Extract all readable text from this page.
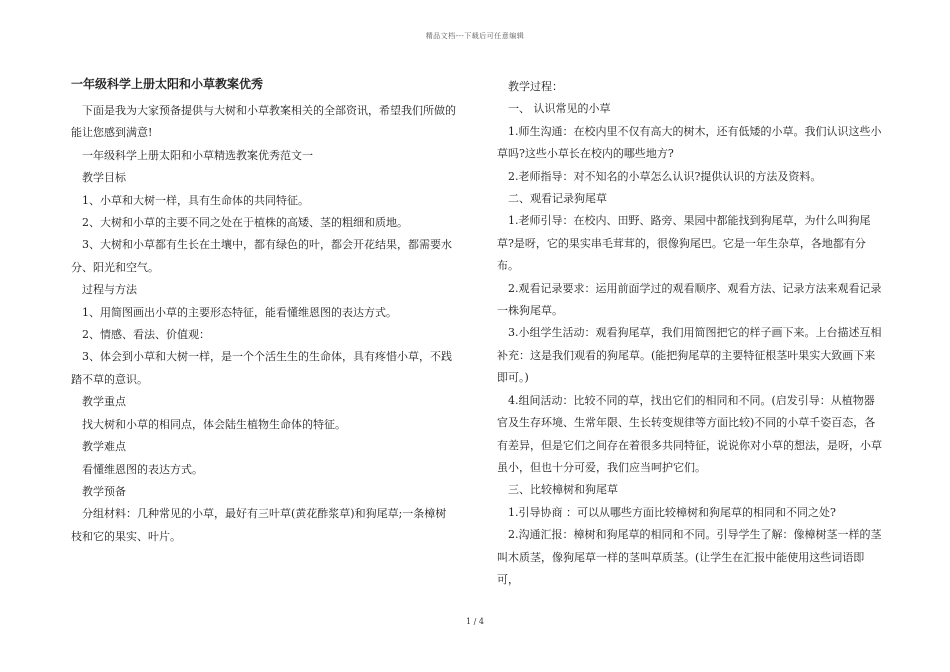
精品文档---下载后可任意编辑
一年级科学上册太阳和小草教案优秀

下面是我为大家预备提供与大树和小草教案相关的全部资讯，希望我们所做的能让您感到满意!

一年级科学上册太阳和小草精选教案优秀范文一

教学目标

1、小草和大树一样，具有生命体的共同特征。

2、大树和小草的主要不同之处在于植株的高矮、茎的粗细和质地。

3、大树和小草都有生长在土壤中，都有绿色的叶，都会开花结果，都需要水分、阳光和空气。

过程与方法

1、用简图画出小草的主要形态特征，能看懂维恩图的表达方式。

2、情感、看法、价值观：

3、体会到小草和大树一样，是一个个活生生的生命体，具有疼惜小草，不践踏不草的意识。

教学重点

找大树和小草的相同点，体会陆生植物生命体的特征。

教学难点

看懂维恩图的表达方式。

教学预备

分组材料：几种常见的小草，最好有三叶草(黄花酢浆草)和狗尾草;一条樟树枝和它的果实、叶片。

教学过程：

一、 认识常见的小草

1.师生沟通：在校内里不仅有高大的树木，还有低矮的小草。我们认识这些小草吗?这些小草长在校内的哪些地方?

2.老师指导：对不知名的小草怎么认识?提供认识的方法及资料。

二、观看记录狗尾草

1.老师引导：在校内、田野、路旁、果园中都能找到狗尾草，为什么叫狗尾草?是呀，它的果实串毛茸茸的，很像狗尾巴。它是一年生杂草，各地都有分布。

2.观看记录要求：运用前面学过的观看顺序、观看方法、记录方法来观看记录一株狗尾草。

3.小组学生活动：观看狗尾草，我们用简图把它的样子画下来。上台描述互相补充：这是我们观看的狗尾草。(能把狗尾草的主要特征根茎叶果实大致画下来即可。)

4.组间活动：比较不同的草，找出它们的相同和不同。(启发引导：从植物器官及生存环境、生常年限、生长转变规律等方面比较)不同的小草千姿百态，各有差异，但是它们之间存在着很多共同特征，说说你对小草的想法，是呀，小草虽小，但也十分可爱，我们应当呵护它们。

三、比较樟树和狗尾草

1.引导协商 ：可以从哪些方面比较樟树和狗尾草的相同和不同之处?

2.沟通汇报：樟树和狗尾草的相同和不同。引导学生了解：像樟树茎一样的茎叫木质茎，像狗尾草一样的茎叫草质茎。(让学生在汇报中能使用这些词语即可，

1 / 4
